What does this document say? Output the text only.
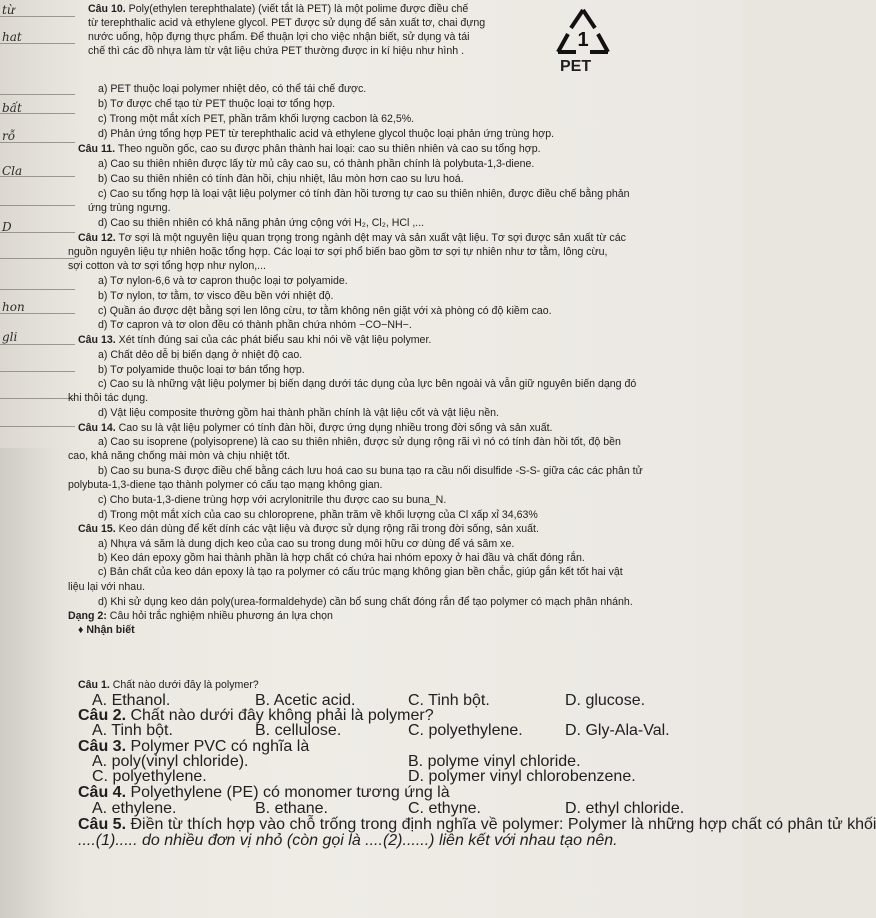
từ
hat
bất
rỗ
Cla
D
hon
gli
1
PET
Câu 10. Poly(ethylen terephthalate) (viết tắt là PET) là một polime được điều chế
từ terephthalic acid và ethylene glycol. PET được sử dụng để sản xuất tơ, chai đựng
nước uống, hộp đựng thực phẩm. Để thuận lợi cho việc nhận biết, sử dụng và tái
chế thì các đồ nhựa làm từ vật liệu chứa PET thường được in kí hiệu như hình .
a) PET thuộc loại polymer nhiệt dẻo, có thể tái chế được.
b) Tơ được chế tạo từ PET thuộc loại tơ tổng hợp.
c) Trong một mắt xích PET, phần trăm khối lượng cacbon là 62,5%.
d) Phản ứng tổng hợp PET từ terephthalic acid và ethylene glycol thuộc loại phản ứng trùng hợp.
Câu 11. Theo nguồn gốc, cao su được phân thành hai loại: cao su thiên nhiên và cao su tổng hợp.
a) Cao su thiên nhiên được lấy từ mủ cây cao su, có thành phần chính là polybuta-1,3-diene.
b) Cao su thiên nhiên có tính đàn hồi, chịu nhiệt, lâu mòn hơn cao su lưu hoá.
c) Cao su tổng hợp là loại vật liệu polymer có tính đàn hồi tương tự cao su thiên nhiên, được điều chế bằng phản
ứng trùng ngưng.
d) Cao su thiên nhiên có khả năng phản ứng cộng với H₂, Cl₂, HCl ,...
Câu 12. Tơ sợi là một nguyên liệu quan trọng trong ngành dệt may và sản xuất vật liệu. Tơ sợi được sản xuất từ các
nguồn nguyên liệu tự nhiên hoặc tổng hợp. Các loại tơ sợi phổ biến bao gồm tơ sợi tự nhiên như tơ tằm, lông cừu,
sợi cotton và tơ sợi tổng hợp như nylon,...
a) Tơ nylon-6,6 và tơ capron thuộc loại tơ polyamide.
b) Tơ nylon, tơ tằm, tơ visco đều bền với nhiệt độ.
c) Quần áo được dệt bằng sợi len lông cừu, tơ tằm không nên giặt với xà phòng có độ kiềm cao.
d) Tơ capron và tơ olon đều có thành phần chứa nhóm −CO−NH−.
Câu 13. Xét tính đúng sai của các phát biểu sau khi nói về vật liệu polymer.
a) Chất dẻo dễ bị biến dạng ở nhiệt độ cao.
b) Tơ polyamide thuộc loại tơ bán tổng hợp.
c) Cao su là những vật liệu polymer bị biến dạng dưới tác dụng của lực bên ngoài và vẫn giữ nguyên biến dạng đó
khi thôi tác dụng.
d) Vật liệu composite thường gồm hai thành phần chính là vật liệu cốt và vật liệu nền.
Câu 14. Cao su là vật liệu polymer có tính đàn hồi, được ứng dụng nhiều trong đời sống và sản xuất.
a) Cao su isoprene (polyisoprene) là cao su thiên nhiên, được sử dụng rộng rãi vì nó có tính đàn hồi tốt, độ bền
cao, khả năng chống mài mòn và chịu nhiệt tốt.
b) Cao su buna-S được điều chế bằng cách lưu hoá cao su buna tạo ra cầu nối disulfide -S-S- giữa các các phân tử
polybuta-1,3-diene tạo thành polymer có cấu tạo mạng không gian.
c) Cho buta-1,3-diene trùng hợp với acrylonitrile thu được cao su buna_N.
d) Trong một mắt xích của cao su chloroprene, phần trăm về khối lượng của Cl xấp xỉ 34,63%
Câu 15. Keo dán dùng để kết dính các vật liệu và được sử dụng rộng rãi trong đời sống, sản xuất.
a) Nhựa vá săm là dung dịch keo của cao su trong dung môi hữu cơ dùng để vá săm xe.
b) Keo dán epoxy gồm hai thành phần là hợp chất có chứa hai nhóm epoxy ở hai đầu và chất đóng rắn.
c) Bản chất của keo dán epoxy là tạo ra polymer có cấu trúc mạng không gian bền chắc, giúp gắn kết tốt hai vật
liệu lại với nhau.
d) Khi sử dụng keo dán poly(urea-formaldehyde) cần bổ sung chất đóng rắn để tạo polymer có mạch phân nhánh.
Dạng 2: Câu hỏi trắc nghiệm nhiều phương án lựa chọn
♦ Nhận biết
Câu 1. Chất nào dưới đây là polymer?
A. Ethanol.	B. Acetic acid.	C. Tinh bột.	D. glucose.
Câu 2. Chất nào dưới đây không phải là polymer?
A. Tinh bột.	B. cellulose.	C. polyethylene.	D. Gly-Ala-Val.
Câu 3. Polymer PVC có nghĩa là
A. poly(vinyl chloride).	B. polyme vinyl chloride.
C. polyethylene.	D. polymer vinyl chlorobenzene.
Câu 4. Polyethylene (PE) có monomer tương ứng là
A. ethylene.	B. ethane.	C. ethyne.	D. ethyl chloride.
Câu 5. Điền từ thích hợp vào chỗ trống trong định nghĩa về polymer: Polymer là những hợp chất có phân tử khối
....(1)..... do nhiều đơn vị nhỏ (còn gọi là ....(2)......) liên kết với nhau tạo nên.
